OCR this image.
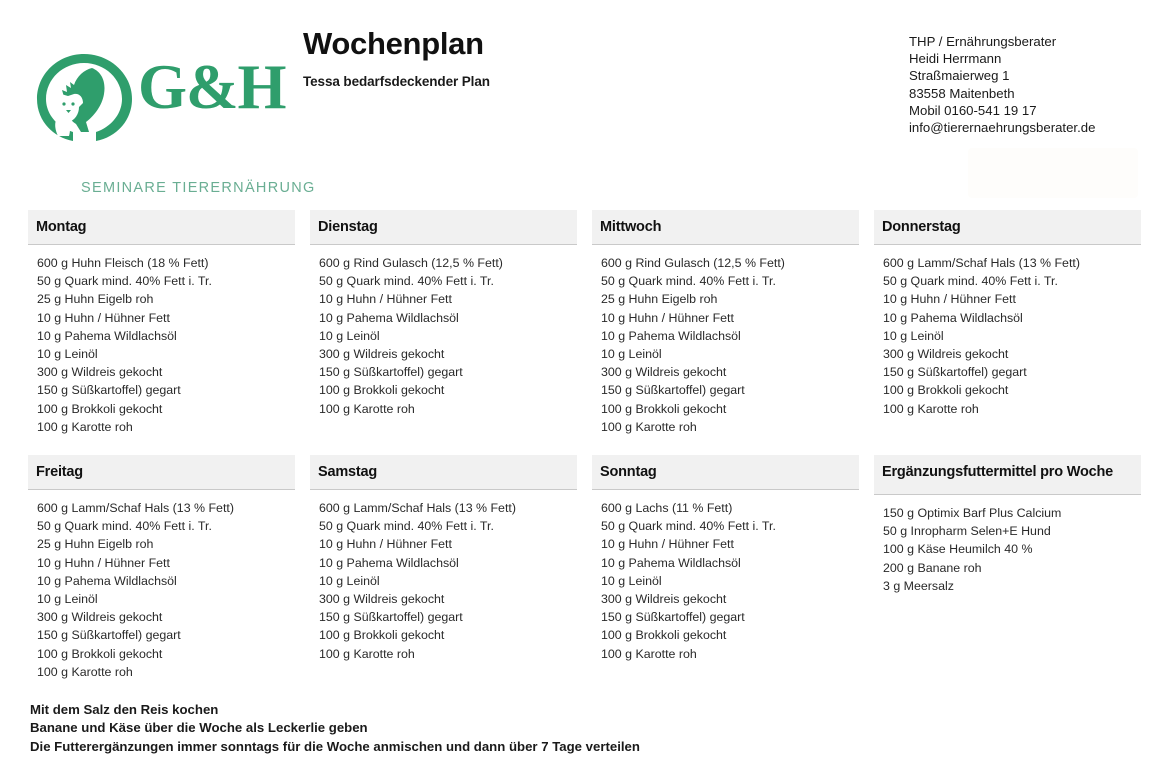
G&H
SEMINARE TIERERNÄHRUNG
Wochenplan
Tessa bedarfsdeckender Plan
THP / Ernährungsberater
Heidi Herrmann
Straßmaierweg 1
83558 Maitenbeth
Mobil 0160-541 19 17
info@tierernaehrungsberater.de
Montag
600 g Huhn Fleisch (18 % Fett)
50 g Quark mind. 40% Fett i. Tr.
25 g Huhn Eigelb roh
10 g Huhn / Hühner Fett
10 g Pahema Wildlachsöl
10 g Leinöl
300 g Wildreis gekocht
150 g Süßkartoffel) gegart
100 g Brokkoli gekocht
100 g Karotte roh
Dienstag
600 g Rind Gulasch (12,5 % Fett)
50 g Quark mind. 40% Fett i. Tr.
10 g Huhn / Hühner Fett
10 g Pahema Wildlachsöl
10 g Leinöl
300 g Wildreis gekocht
150 g Süßkartoffel) gegart
100 g Brokkoli gekocht
100 g Karotte roh
Mittwoch
600 g Rind Gulasch (12,5 % Fett)
50 g Quark mind. 40% Fett i. Tr.
25 g Huhn Eigelb roh
10 g Huhn / Hühner Fett
10 g Pahema Wildlachsöl
10 g Leinöl
300 g Wildreis gekocht
150 g Süßkartoffel) gegart
100 g Brokkoli gekocht
100 g Karotte roh
Donnerstag
600 g Lamm/Schaf Hals (13 % Fett)
50 g Quark mind. 40% Fett i. Tr.
10 g Huhn / Hühner Fett
10 g Pahema Wildlachsöl
10 g Leinöl
300 g Wildreis gekocht
150 g Süßkartoffel) gegart
100 g Brokkoli gekocht
100 g Karotte roh
Freitag
600 g Lamm/Schaf Hals (13 % Fett)
50 g Quark mind. 40% Fett i. Tr.
25 g Huhn Eigelb roh
10 g Huhn / Hühner Fett
10 g Pahema Wildlachsöl
10 g Leinöl
300 g Wildreis gekocht
150 g Süßkartoffel) gegart
100 g Brokkoli gekocht
100 g Karotte roh
Samstag
600 g Lamm/Schaf Hals (13 % Fett)
50 g Quark mind. 40% Fett i. Tr.
10 g Huhn / Hühner Fett
10 g Pahema Wildlachsöl
10 g Leinöl
300 g Wildreis gekocht
150 g Süßkartoffel) gegart
100 g Brokkoli gekocht
100 g Karotte roh
Sonntag
600 g Lachs (11 % Fett)
50 g Quark mind. 40% Fett i. Tr.
10 g Huhn / Hühner Fett
10 g Pahema Wildlachsöl
10 g Leinöl
300 g Wildreis gekocht
150 g Süßkartoffel) gegart
100 g Brokkoli gekocht
100 g Karotte roh
Ergänzungsfuttermittel pro Woche
150 g Optimix Barf Plus Calcium
50 g Inropharm Selen+E Hund
100 g Käse Heumilch 40 %
200 g Banane roh
3 g Meersalz
Mit dem Salz den Reis kochen
Banane und Käse über die Woche als Leckerlie geben
Die Futterergänzungen immer sonntags für die Woche anmischen und dann über 7 Tage verteilen
